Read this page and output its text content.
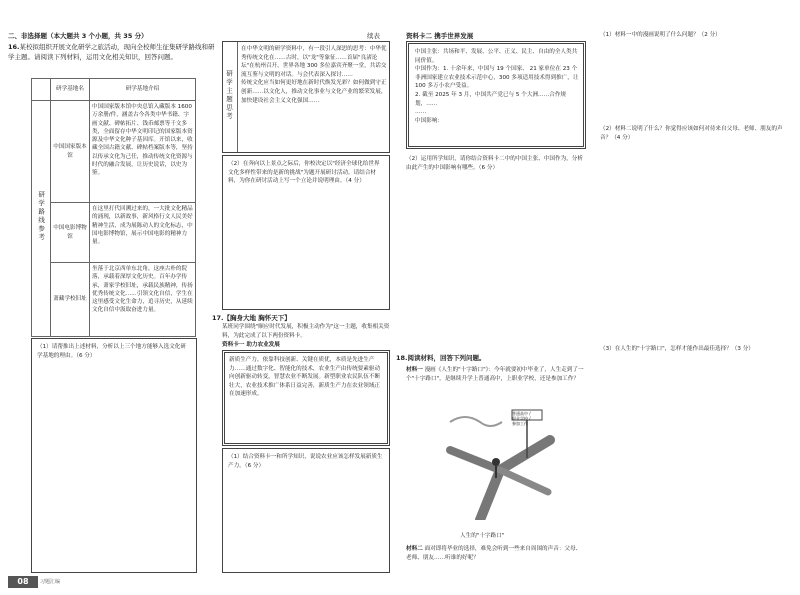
二、非选择题（本大题共 3 个小题，共 35 分）
16.某校拟组织开展文化研学之旅活动，现向全校师生征集研学路线和研学主题。请阅读下列材料，运用文化相关知识，回答问题。
	研学基地名	研学基地介绍
研学路线参考	中国国家版本馆	中国国家版本馆中央总馆入藏版本 1600 万余册/件，涵盖古今各类中华书籍、字画文献、碑帖拓片、钱币邮票等千文多类，全面留存中华文明印记的国家版本资源及中华文化种子基因库。开馆以来，收藏全国古籍文献、碑帖档案版本等，坚持以传承文化为己任，推动传统文化资源与时代的融合发展，让历史说话，以史为鉴。
	中国电影博物馆	在这里打代回溯过来的，一大批文化精品的涌现，以新故事，新风格行文人民美好精神生活，成为展陈动人的文化标志，中国电影博物馆，展示中国电影的精神力量。
	萧藏学校旧址	坐落于北京西单东北角，这座古朴的院落，承载着深厚文化历史。百年办学传承，萧家学校旧址，承载民族精神，传扬优秀传统文化……引领文化自信，学生在这里感受文化生命力，追寻历史，从延续文化自信中汲取奋进力量。
（1）请帮推出上述材料，分析以上三个地方能够入选文化研学基地的理由。（6 分）
08	习题汇编
续表
研学主题思考
在中华文明的研学资料中，有一段引人深思的思考：中华优秀传统文化在……古时，以"龙"等象征……首届"良渚论坛"在杭州召开，世界各地 300 多位嘉宾齐聚一堂，共话交流互鉴与文明的对话。与会代表深入探讨……
传统文化应当如何更好地在新时代焕发光彩？如何做到守正创新……以文化人，推动文化事业与文化产业的繁荣发展，加快建设社会主义文化强国……
（2）在奔向以上景点之际后，你校决定以"经济全球化给世界文化多样性带来的是新的挑战"为题开展研讨活动。请结合材料，为你在研讨活动上写一个立论并说明理由。（4 分）
17.【胸身大地 胸怀天下】
某班同学围绕"顺应时代发展，积极主动作为"这一主题，收集相关资料，为此完成了以下两份资料卡。
资料卡一 助力农业发展
新质生产力，依靠科技创新、关键在质优，本质是先进生产力……通过数字化、智能化的技术，农业生产由传统要素驱动向创新驱动转变，智慧农业不断发展。新型职业农民队伍不断壮大，农业技术推广体系日益完善，新质生产力在农业领域正在加速形成。
（1）结合资料卡一和所学知识，说说农业应该怎样发展新质生产力。（6 分）
资料卡二 携手世界发展
中国主张：共场和平、发展、公平、正义、民主、自由的全人类共同价值。
中国作为：1. 十余年来，中国与 19 个国家、 21 家单位在 23 个非洲国家建立农业技术示范中心，300 多项适用技术得到推广，让 100 多万小农户受益。
2. 截至 2025 年 3 月，中国共产党已与 5 个大洲……合作规划，……
……
中国影响：
（2）运用所学知识，请你结合资料卡二中的中国主张、中国作为，分析由此产生的中国影响有哪些。（6 分）
18.阅读材料，回答下列问题。
材料一 漫画《人生的"十字路口"》：今年就要初中毕业了，人生走到了一个"十字路口"，是继续升学上普通高中，上职业学校，还是参加工作？
普通高中 / 职业学校 / 参加工作
人生的"十字路口"
材料二 面对即将毕业的选择，难免会听到一些来自周围的声音：父母、老师、朋友……听谁的好呢？
（1）材料一中的漫画说明了什么问题？（2 分）
（2）材料二说明了什么？你觉得应该如何对待来自父母、老师、朋友的声音？（4 分）
（3）在人生的"十字路口"，怎样才能作出最佳选择？（3 分）
